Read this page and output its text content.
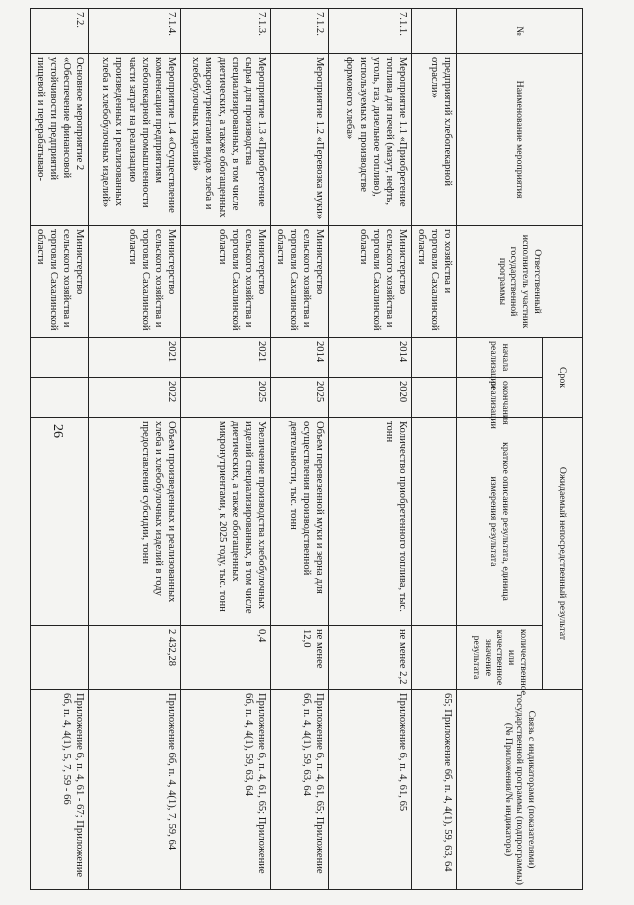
26
№	Наименование мероприятия	Ответственный исполнитель участник государственной программы	Срок		Ожидаемый непосредственный результат		Связь с индикаторами (показателями) государственной программы (подпрограммы) (№ Приложения/№ индикатора)
			начала реализации	окончания реализации	краткое описание результата, единица измерения результата	количественное или качественное значение результата	
	предприятий хлебопекарной отрасли»	го хозяйства и торговли Сахалинской области					65; Приложение 6б, п. 4, 4(1), 59, 63, 64
7.1.1.	Мероприятие 1.1 «Приобретение топлива для печей (мазут, нефть, уголь, газ, дизельное топливо), используемых в производстве формового хлеба»	Министерство сельского хозяйства и торговли Сахалинской области	2014	2020	Количество приобретенного топлива, тыс. тонн	не менее 2,2	Приложение 6, п. 4, 61, 65
7.1.2.	Мероприятие 1.2 «Перевозка муки»	Министерство сельского хозяйства и торговли Сахалинской области	2014	2025	Объем перевезенной муки и зерна для осуществления производственной деятельности, тыс. тонн	не менее 12,0	Приложение 6, п. 4, 61, 65; Приложение 6б, п. 4, 4(1), 59, 63, 64
7.1.3.	Мероприятие 1.3 «Приобретение сырья для производства специализированных, в том числе диетических, а также обогащенных микронутриентами видов хлеба и хлебобулочных изделий»	Министерство сельского хозяйства и торговли Сахалинской области	2021	2025	Увеличение производства хлебобулочных изделий специализированных, в том числе диетических, а также обогащенных микронутриентами, к 2025 году, тыс. тонн	0,4	Приложение 6, п. 4, 61, 65; Приложение 6б, п. 4, 4(1), 59, 63, 64
7.1.4.	Мероприятие 1.4 «Осуществление компенсации предприятиям хлебопекарной промышленности части затрат на реализацию произведенных и реализованных хлеба и хлебобулочных изделий»	Министерство сельского хозяйства и торговли Сахалинской области	2021	2022	Объем произведенных и реализованных хлеба и хлебобулочных изделий в году предоставления субсидии, тонн	2 432,28	Приложение 6б, п. 4, 4(1), 7, 59, 64
7.2.	Основное мероприятие 2 «Обеспечение финансовой устойчивости предприятий пищевой и перерабатываю-	Министерство сельского хозяйства и торговли Сахалинской области					Приложение 6, п. 4, 61 - 67; Приложение 6б, п. 4, 4(1), 5, 7, 59 - 66
